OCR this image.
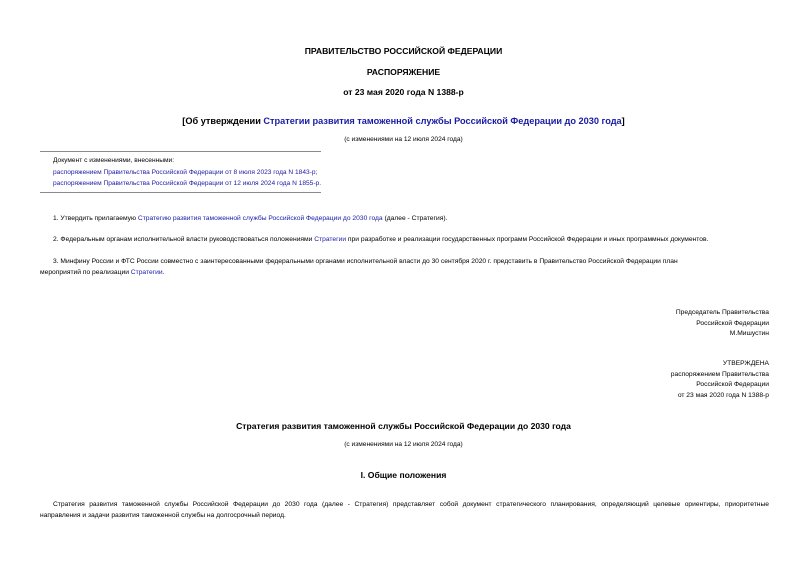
ПРАВИТЕЛЬСТВО РОССИЙСКОЙ ФЕДЕРАЦИИ
РАСПОРЯЖЕНИЕ
от 23 мая 2020 года N 1388-р
[Об утверждении Стратегии развития таможенной службы Российской Федерации до 2030 года]
(с изменениями на 12 июля 2024 года)
Документ с изменениями, внесенными:
распоряжением Правительства Российской Федерации от 8 июля 2023 года N 1843-р;
распоряжением Правительства Российской Федерации от 12 июля 2024 года N 1855-р.
1. Утвердить прилагаемую Стратегию развития таможенной службы Российской Федерации до 2030 года (далее - Стратегия).
2. Федеральным органам исполнительной власти руководствоваться положениями Стратегии при разработке и реализации государственных программ Российской Федерации и иных программных документов.
3. Минфину России и ФТС России совместно с заинтересованными федеральными органами исполнительной власти до 30 сентября 2020 г. представить в Правительство Российской Федерации план
мероприятий по реализации Стратегии.
Председатель Правительства
Российской Федерации
М.Мишустин
УТВЕРЖДЕНА
распоряжением Правительства
Российской Федерации
от 23 мая 2020 года N 1388-р
Стратегия развития таможенной службы Российской Федерации до 2030 года
(с изменениями на 12 июля 2024 года)
I. Общие положения
Стратегия развития таможенной службы Российской Федерации до 2030 года (далее - Стратегия) представляет собой документ стратегического планирования, определяющий целевые ориентиры, приоритетные
направления и задачи развития таможенной службы на долгосрочный период.
